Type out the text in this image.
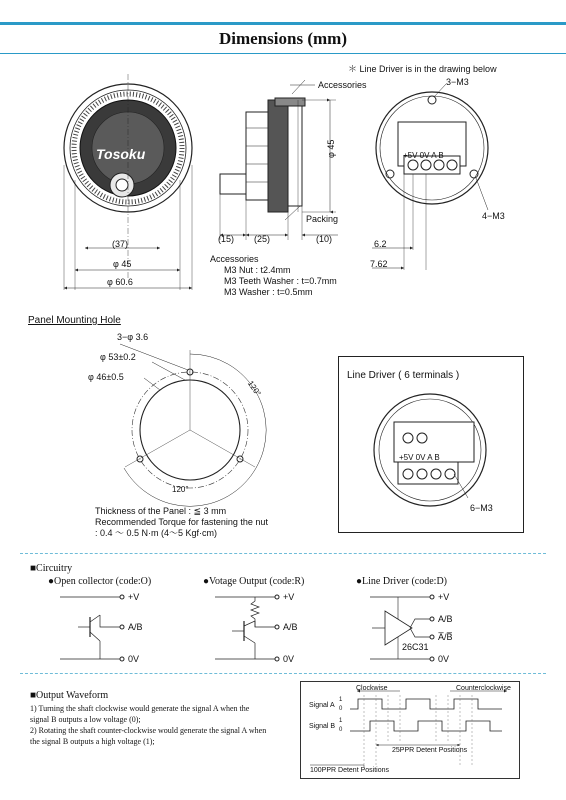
Dimensions (mm)
＊ Line Driver is in the drawing below
Tosoku
(37)
φ 45
φ 60.6
Accessories
Packing
φ 45
(15) (25)	(10)
3−M3
4−M3
+5V 0V A B
6.2
7.62
Accessories
M3 Nut : t2.4mm
M3 Teeth Washer : t=0.7mm
M3 Washer : t=0.5mm
Panel Mounting Hole
3−φ 3.6
φ 53±0.2
φ 46±0.5
120°
120°
Thickness of the Panel : ≦ 3 mm
Recommended Torque for fastening the nut
: 0.4 ～ 0.5 N·m (4～5 Kgf·cm)
Line Driver ( 6 terminals )
+5V 0V A B
6−M3
■Circuitry
●Open collector (code:O)	●Votage Output (code:R)	●Line Driver (code:D)
+V
A/B
0V
+V
A/B
0V
+V
A/B
A̅/B̅
0V
26C31
■Output Waveform
1) Turning the shaft clockwise would generate the signal A when the
signal B outputs a low voltage (0);
2) Rotating the shaft counter-clockwise would generate the signal A when
the signal B outputs a high voltage (1);
Clockwise	Counterclockwise
Signal A
1
0
Signal B
1
0
25PPR Detent Positions
100PPR Detent Positions
